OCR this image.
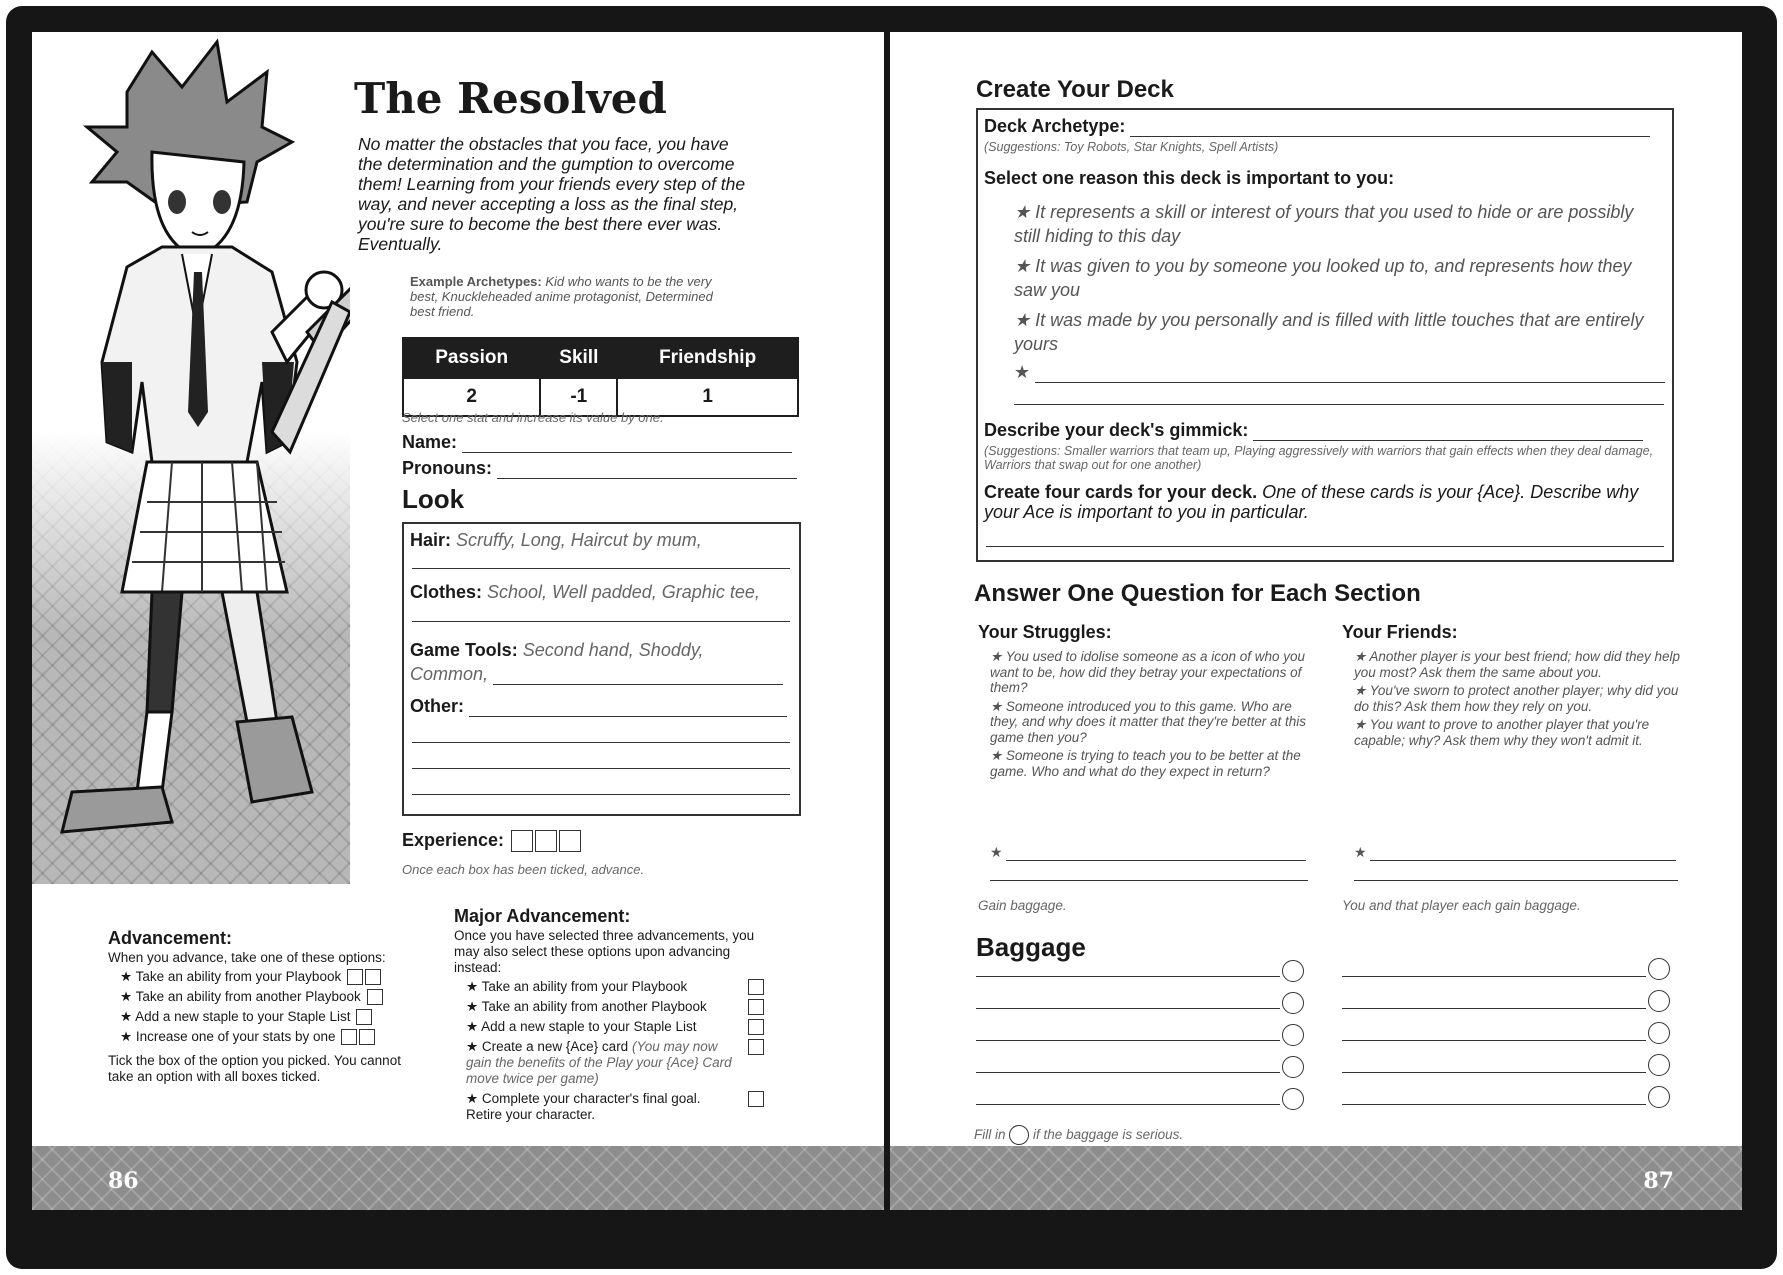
The Resolved
No matter the obstacles that you face, you have the determination and the gumption to overcome them! Learning from your friends every step of the way, and never accepting a loss as the final step, you're sure to become the best there ever was. Eventually.
Example Archetypes: Kid who wants to be the very best, Knuckleheaded anime protagonist, Determined best friend.
Passion	Skill	Friendship
2	-1	1
Select one stat and increase its value by one.
Name:
Pronouns:
Look
Hair: Scruffy, Long, Haircut by mum,
Clothes: School, Well padded, Graphic tee,
Game Tools: Second hand, Shoddy,
Common,
Other:
Experience:
Once each box has been ticked, advance.
Advancement:
When you advance, take one of these options:
★ Take an ability from your Playbook
★ Take an ability from another Playbook
★ Add a new staple to your Staple List
★ Increase one of your stats by one
Tick the box of the option you picked. You cannot take an option with all boxes ticked.
Major Advancement:
Once you have selected three advancements, you may also select these options upon advancing instead:
★ Take an ability from your Playbook
★ Take an ability from another Playbook
★ Add a new staple to your Staple List
★ Create a new {Ace} card (You may now gain the benefits of the Play your {Ace} Card move twice per game)
★ Complete your character's final goal.
Retire your character.
86
Create Your Deck
Deck Archetype:
(Suggestions: Toy Robots, Star Knights, Spell Artists)
Select one reason this deck is important to you:
★ It represents a skill or interest of yours that you used to hide or are possibly still hiding to this day
★ It was given to you by someone you looked up to, and represents how they saw you
★ It was made by you personally and is filled with little touches that are entirely yours
★
Describe your deck's gimmick:
(Suggestions: Smaller warriors that team up, Playing aggressively with warriors that gain effects when they deal damage, Warriors that swap out for one another)
Create four cards for your deck. One of these cards is your {Ace}. Describe why your Ace is important to you in particular.
Answer One Question for Each Section
Your Struggles:
★ You used to idolise someone as a icon of who you want to be, how did they betray your expectations of them?
★ Someone introduced you to this game. Who are they, and why does it matter that they're better at this game then you?
★ Someone is trying to teach you to be better at the game. Who and what do they expect in return?
★
Gain baggage.
Your Friends:
★ Another player is your best friend; how did they help you most? Ask them the same about you.
★ You've sworn to protect another player; why did you do this? Ask them how they rely on you.
★ You want to prove to another player that you're capable; why? Ask them why they won't admit it.
★
You and that player each gain baggage.
Baggage
Fill in if the baggage is serious.
87
